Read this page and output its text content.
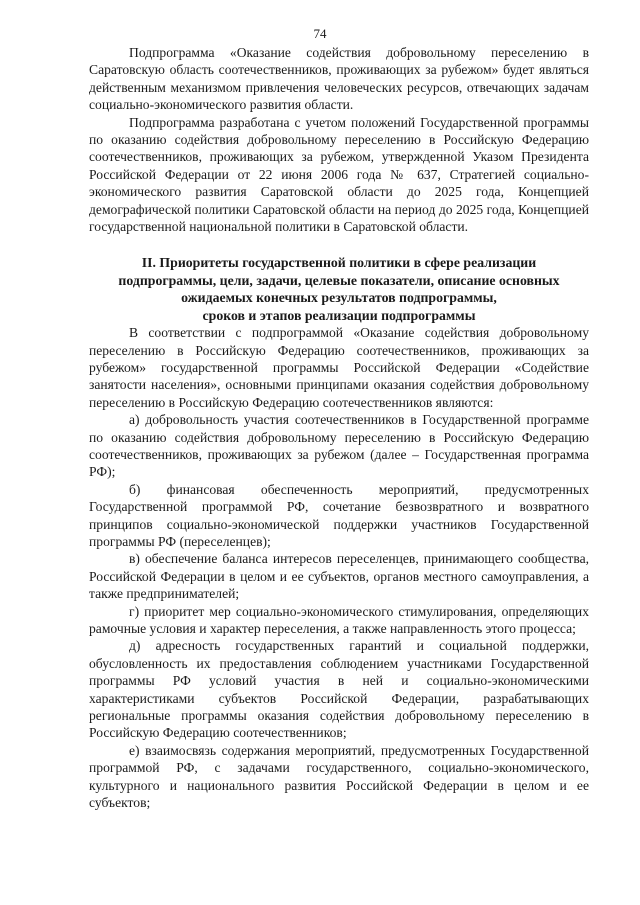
74

Подпрограмма «Оказание содействия добровольному переселению в Саратовскую область соотечественников, проживающих за рубежом» будет являться действенным механизмом привлечения человеческих ресурсов, отвечающих задачам социально-экономического развития области.

Подпрограмма разработана с учетом положений Государственной программы по оказанию содействия добровольному переселению в Российскую Федерацию соотечественников, проживающих за рубежом, утвержденной Указом Президента Российской Федерации от 22 июня 2006 года № 637, Стратегией социально-экономического развития Саратовской области до 2025 года, Концепцией демографической политики Саратовской области на период до 2025 года, Концепцией государственной национальной политики в Саратовской области.

II. Приоритеты государственной политики в сфере реализации
подпрограммы, цели, задачи, целевые показатели, описание основных
ожидаемых конечных результатов подпрограммы,
сроков и этапов реализации подпрограммы

В соответствии с подпрограммой «Оказание содействия добровольному переселению в Российскую Федерацию соотечественников, проживающих за рубежом» государственной программы Российской Федерации «Содействие занятости населения», основными принципами оказания содействия добровольному переселению в Российскую Федерацию соотечественников являются:

а) добровольность участия соотечественников в Государственной программе по оказанию содействия добровольному переселению в Российскую Федерацию соотечественников, проживающих за рубежом (далее – Государственная программа РФ);

б) финансовая обеспеченность мероприятий, предусмотренных Государственной программой РФ, сочетание безвозвратного и возвратного принципов социально-экономической поддержки участников Государственной программы РФ (переселенцев);

в) обеспечение баланса интересов переселенцев, принимающего сообщества, Российской Федерации в целом и ее субъектов, органов местного самоуправления, а также предпринимателей;

г) приоритет мер социально-экономического стимулирования, определяющих рамочные условия и характер переселения, а также направленность этого процесса;

д) адресность государственных гарантий и социальной поддержки, обусловленность их предоставления соблюдением участниками Государственной программы РФ условий участия в ней и социально-экономическими характеристиками субъектов Российской Федерации, разрабатывающих региональные программы оказания содействия добровольному переселению в Российскую Федерацию соотечественников;

е) взаимосвязь содержания мероприятий, предусмотренных Государственной программой РФ, с задачами государственного, социально-экономического, культурного и национального развития Российской Федерации в целом и ее субъектов;
